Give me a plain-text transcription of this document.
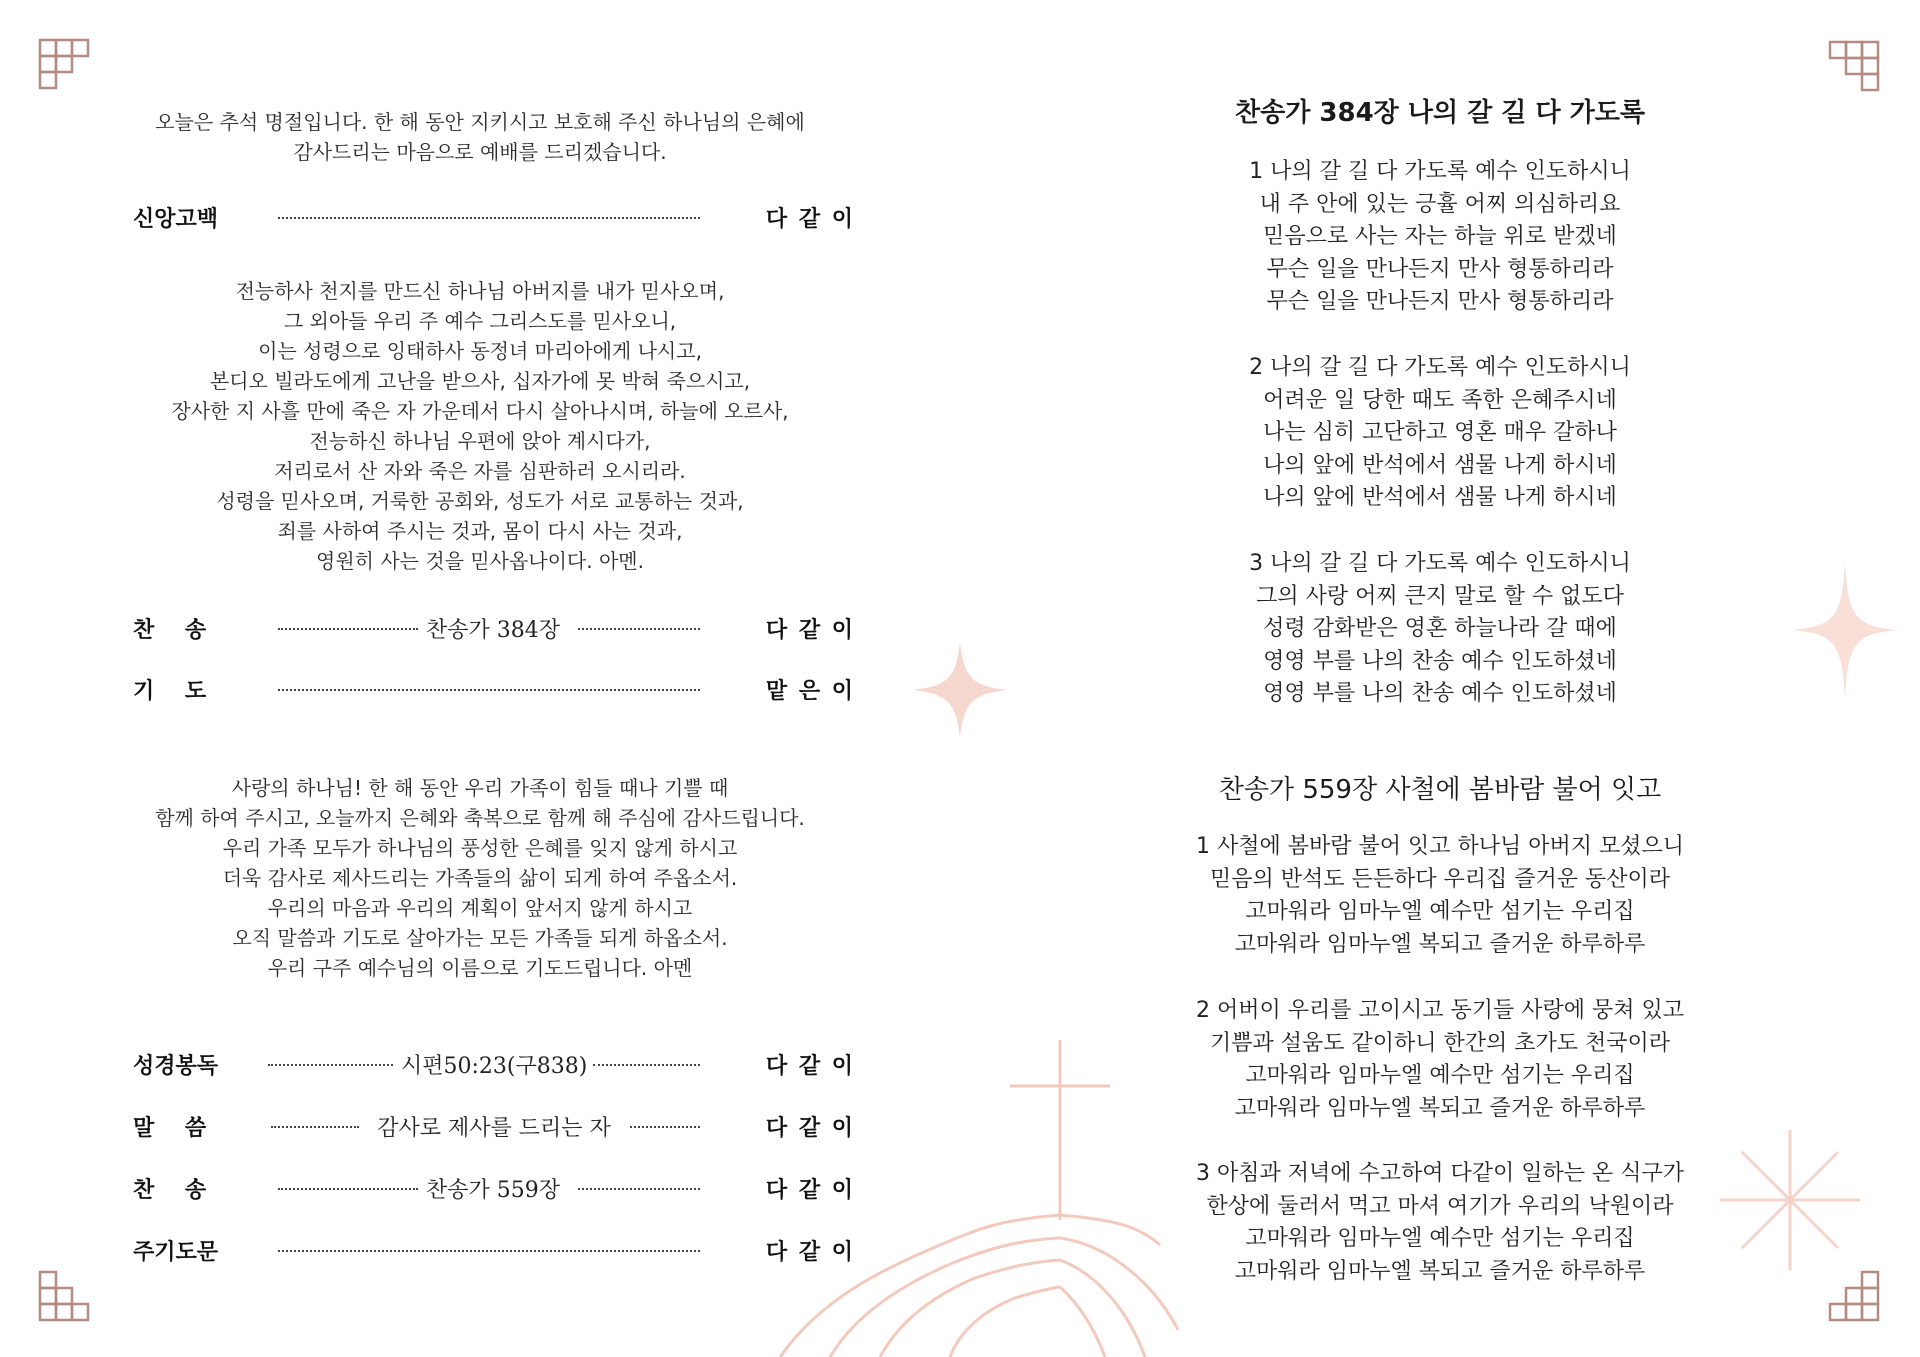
오늘은 추석 명절입니다. 한 해 동안 지키시고 보호해 주신 하나님의 은혜에
감사드리는 마음으로 예배를 드리겠습니다.
신앙고백	다 같 이
전능하사 천지를 만드신 하나님 아버지를 내가 믿사오며,
그 외아들 우리 주 예수 그리스도를 믿사오니,
이는 성령으로 잉태하사 동정녀 마리아에게 나시고,
본디오 빌라도에게 고난을 받으사, 십자가에 못 박혀 죽으시고,
장사한 지 사흘 만에 죽은 자 가운데서 다시 살아나시며, 하늘에 오르사,
전능하신 하나님 우편에 앉아 계시다가,
저리로서 산 자와 죽은 자를 심판하러 오시리라.
성령을 믿사오며, 거룩한 공회와, 성도가 서로 교통하는 것과,
죄를 사하여 주시는 것과, 몸이 다시 사는 것과,
영원히 사는 것을 믿사옵나이다. 아멘.
찬    송	찬송가 384장	다 같 이
기    도	맡 은 이
사랑의 하나님! 한 해 동안 우리 가족이 힘들 때나 기쁠 때
함께 하여 주시고, 오늘까지 은혜와 축복으로 함께 해 주심에 감사드립니다.
우리 가족 모두가 하나님의 풍성한 은혜를 잊지 않게 하시고
더욱 감사로 제사드리는 가족들의 삶이 되게 하여 주옵소서.
우리의 마음과 우리의 계획이 앞서지 않게 하시고
오직 말씀과 기도로 살아가는 모든 가족들 되게 하옵소서.
우리 구주 예수님의 이름으로 기도드립니다. 아멘
성경봉독	시편50:23(구838)	다 같 이
말    씀	감사로 제사를 드리는 자	다 같 이
찬    송	찬송가 559장	다 같 이
주기도문	다 같 이
찬송가 384장 나의 갈 길 다 가도록
1 나의 갈 길 다 가도록 예수 인도하시니
내 주 안에 있는 긍휼 어찌 의심하리요
믿음으로 사는 자는 하늘 위로 받겠네
무슨 일을 만나든지 만사 형통하리라
무슨 일을 만나든지 만사 형통하리라
2 나의 갈 길 다 가도록 예수 인도하시니
어려운 일 당한 때도 족한 은혜주시네
나는 심히 고단하고 영혼 매우 갈하나
나의 앞에 반석에서 샘물 나게 하시네
나의 앞에 반석에서 샘물 나게 하시네
3 나의 갈 길 다 가도록 예수 인도하시니
그의 사랑 어찌 큰지 말로 할 수 없도다
성령 감화받은 영혼 하늘나라 갈 때에
영영 부를 나의 찬송 예수 인도하셨네
영영 부를 나의 찬송 예수 인도하셨네
찬송가 559장 사철에 봄바람 불어 잇고
1 사철에 봄바람 불어 잇고 하나님 아버지 모셨으니
믿음의 반석도 든든하다 우리집 즐거운 동산이라
고마워라 임마누엘 예수만 섬기는 우리집
고마워라 임마누엘 복되고 즐거운 하루하루
2 어버이 우리를 고이시고 동기들 사랑에 뭉쳐 있고
기쁨과 설움도 같이하니 한간의 초가도 천국이라
고마워라 임마누엘 예수만 섬기는 우리집
고마워라 임마누엘 복되고 즐거운 하루하루
3 아침과 저녁에 수고하여 다같이 일하는 온 식구가
한상에 둘러서 먹고 마셔 여기가 우리의 낙원이라
고마워라 임마누엘 예수만 섬기는 우리집
고마워라 임마누엘 복되고 즐거운 하루하루
